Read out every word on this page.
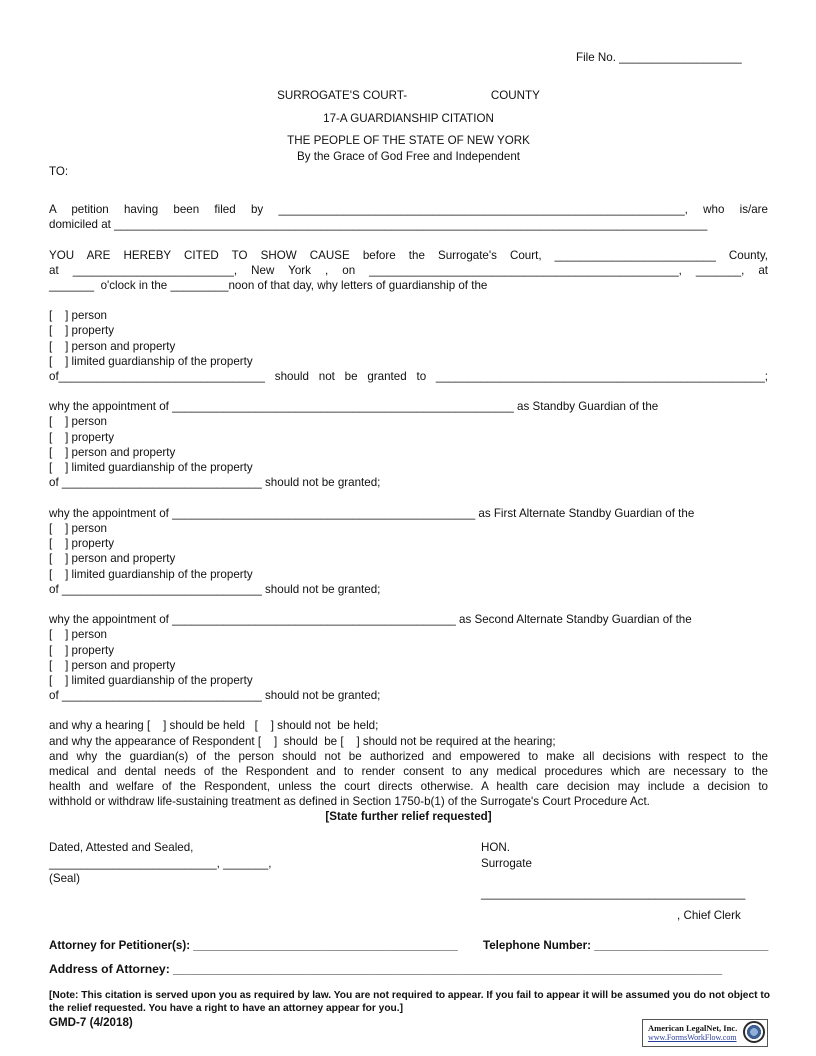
File No. ___________________
SURROGATE'S COURT-                          COUNTY
17-A GUARDIANSHIP CITATION
THE PEOPLE OF THE STATE OF NEW YORK
By the Grace of God Free and Independent
TO:
A petition having been filed by _______________________________________________________________, who is/are
domiciled at ____________________________________________________________________________________________
YOU ARE HEREBY CITED TO SHOW CAUSE before the Surrogate's Court, _________________________ County,
at _________________________, New York , on ________________________________________________, _______, at
_______  o'clock in the _________noon of that day, why letters of guardianship of the
[    ] person
[    ] property
[    ] person and property
[    ] limited guardianship of the property
of________________________________ should not be granted to ___________________________________________________;
why the appointment of _____________________________________________________ as Standby Guardian of the
[    ] person
[    ] property
[    ] person and property
[    ] limited guardianship of the property
of _______________________________ should not be granted;
why the appointment of _______________________________________________ as First Alternate Standby Guardian of the
[    ] person
[    ] property
[    ] person and property
[    ] limited guardianship of the property
of _______________________________ should not be granted;
why the appointment of ____________________________________________ as Second Alternate Standby Guardian of the
[    ] person
[    ] property
[    ] person and property
[    ] limited guardianship of the property
of _______________________________ should not be granted;
and why a hearing [    ] should be held   [    ] should not  be held;
and why the appearance of Respondent [    ]  should  be [    ] should not be required at the hearing;
and why the guardian(s) of the person should not be authorized and empowered to make all decisions with respect to the
medical and dental needs of the Respondent and to render consent to any medical procedures which are necessary to the
health and welfare of the Respondent, unless the court directs otherwise. A health care decision may include a decision to
withhold or withdraw life-sustaining treatment as defined in Section 1750-b(1) of the Surrogate's Court Procedure Act.
[State further relief requested]
Dated, Attested and Sealed,
__________________________, _______,
(Seal)
HON.
Surrogate
_________________________________________
, Chief Clerk
Attorney for Petitioner(s): _________________________________________ Telephone Number: ___________________________
Address of Attorney: _________________________________________________________________________________
[Note: This citation is served upon you as required by law. You are not required to appear. If you fail to appear it will be assumed you do not object to the relief requested. You have a right to have an attorney appear for you.]
GMD-7 (4/2018)	American LegalNet, Inc.
www.FormsWorkFlow.com
